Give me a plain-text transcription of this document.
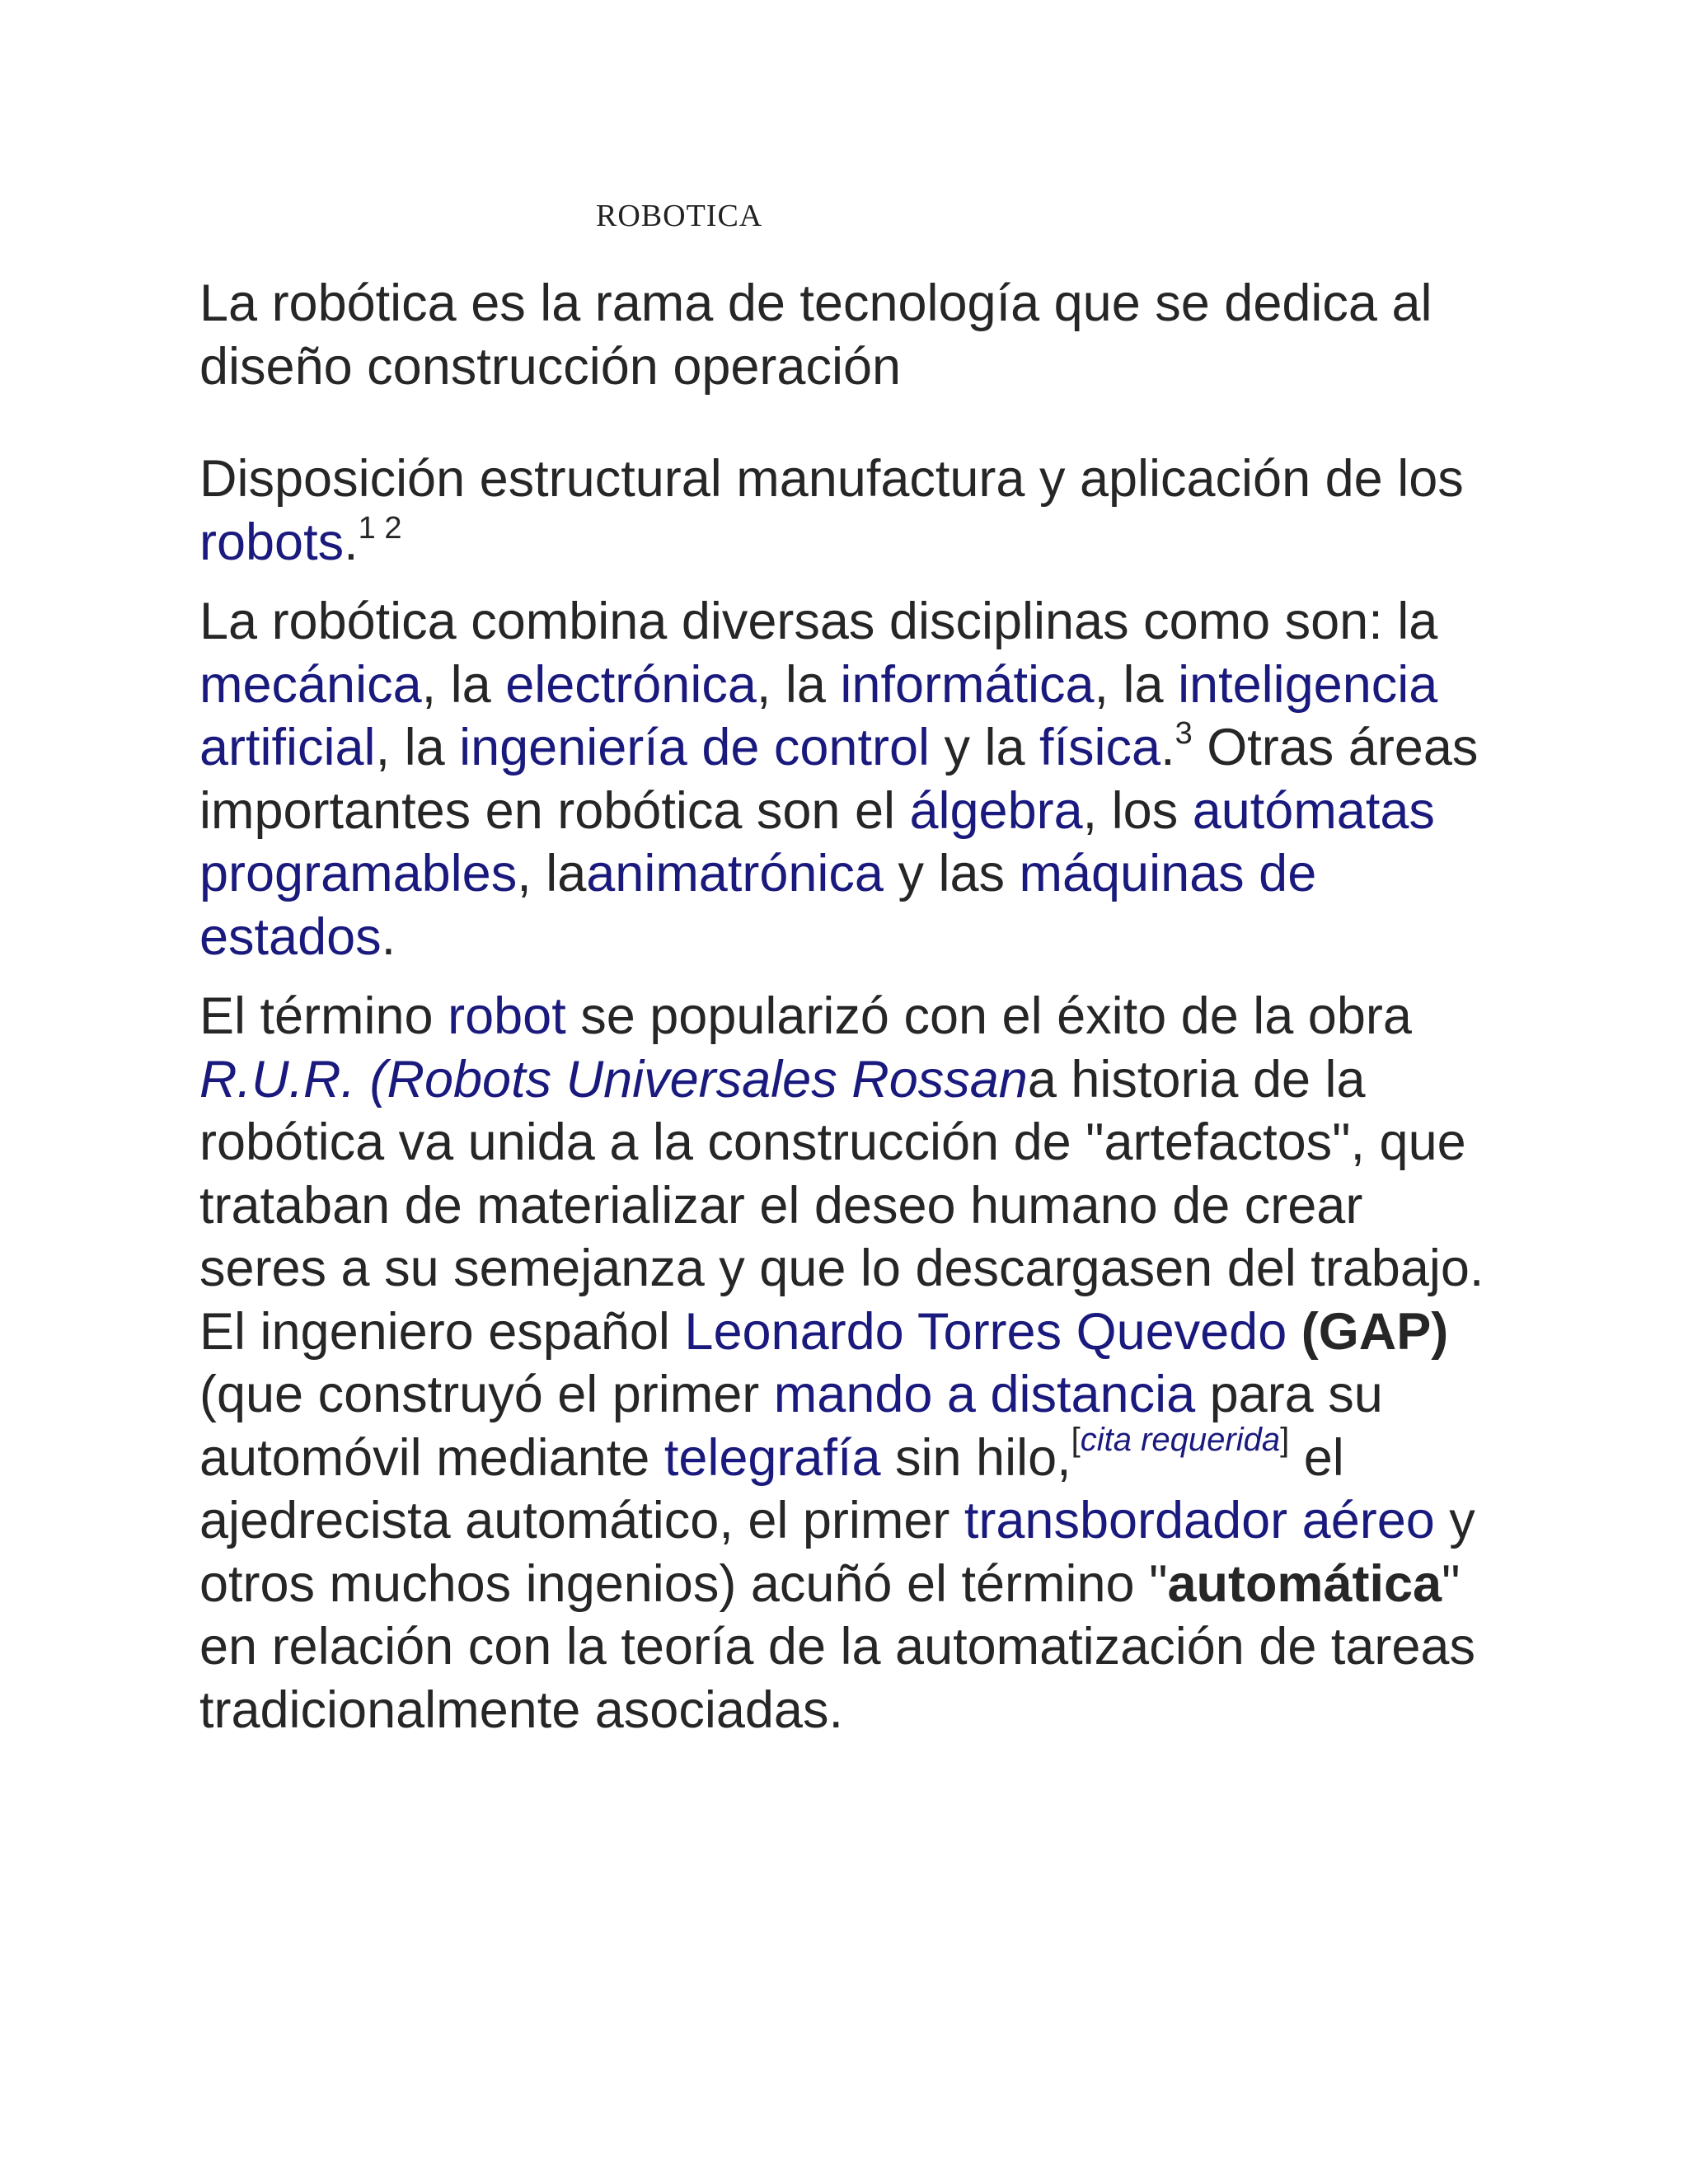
ROBOTICA

La robótica es la rama de tecnología que se dedica al diseño construcción operación

Disposición estructural manufactura y aplicación de los robots.$^{1 2}$

La robótica combina diversas disciplinas como son: la mecánica, la electrónica, la informática, la inteligencia artificial, la ingeniería de control y la física.$^3$ Otras áreas importantes en robótica son el álgebra, los autómatas programables, laanimatrónica y las máquinas de estados.

El término robot se popularizó con el éxito de la obra R.U.R. (Robots Universales Rossana historia de la robótica va unida a la construcción de "artefactos", que trataban de materializar el deseo humano de crear seres a su semejanza y que lo descargasen del trabajo. El ingeniero español Leonardo Torres Quevedo (GAP)(que construyó el primer mando a distancia para su automóvil mediante telegrafía sin hilo,[cita requerida] el ajedrecista automático, el primer transbordador aéreo y otros muchos ingenios) acuñó el término "automática" en relación con la teoría de la automatización de tareas tradicionalmente asociadas.
